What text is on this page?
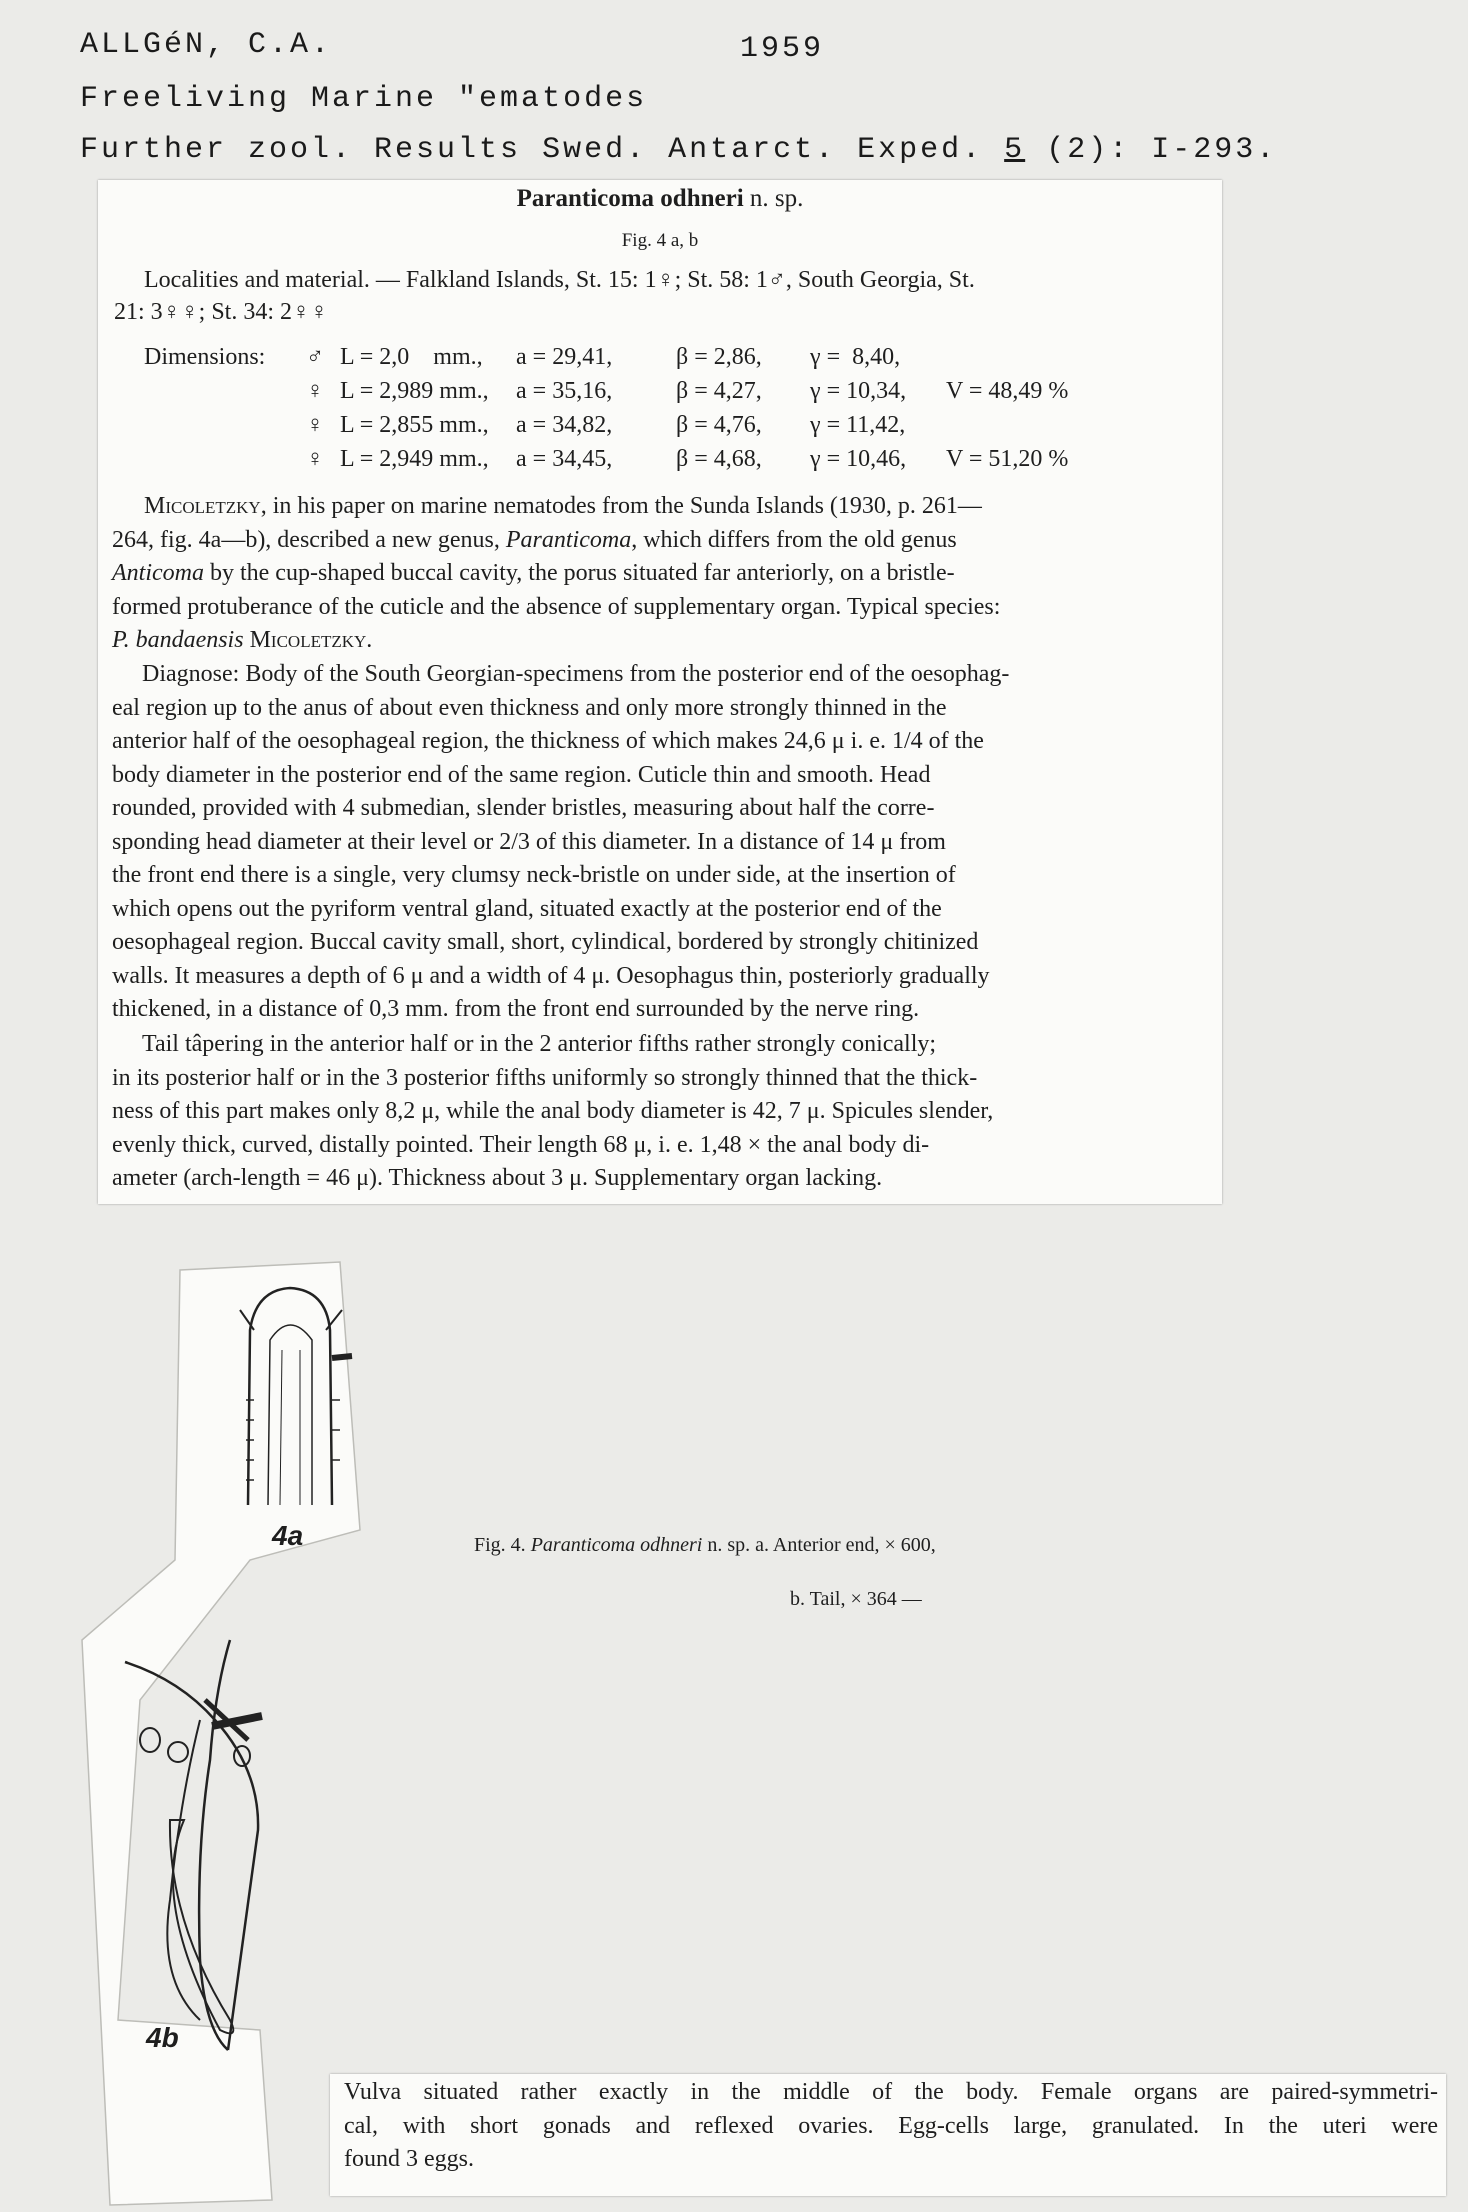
ALLGéN, C.A.	1959
Freeliving Marine "ematodes
Further zool. Results Swed. Antarct. Exped. 5 (2): I-293.
Paranticoma odhneri n. sp.
Fig. 4 a, b
Localities and material. — Falkland Islands, St. 15: 1♀; St. 58: 1♂, South Georgia, St.
21: 3♀♀; St. 34: 2♀♀
Dimensions: ♂	L = 2,0    mm.,	a = 29,41,	β = 2,86,	γ =  8,40,	
♀	L = 2,989 mm.,	a = 35,16,	β = 4,27,	γ = 10,34,	V = 48,49 %
♀	L = 2,855 mm.,	a = 34,82,	β = 4,76,	γ = 11,42,	
♀	L = 2,949 mm.,	a = 34,45,	β = 4,68,	γ = 10,46,	V = 51,20 %
Micoletzky, in his paper on marine nematodes from the Sunda Islands (1930, p. 261—
264, fig. 4a—b), described a new genus, Paranticoma, which differs from the old genus
Anticoma by the cup-shaped buccal cavity, the porus situated far anteriorly, on a bristle-
formed protuberance of the cuticle and the absence of supplementary organ. Typical species:
P. bandaensis Micoletzky.
Diagnose: Body of the South Georgian-specimens from the posterior end of the oesophag-
eal region up to the anus of about even thickness and only more strongly thinned in the
anterior half of the oesophageal region, the thickness of which makes 24,6 μ i. e. 1/4 of the
body diameter in the posterior end of the same region. Cuticle thin and smooth. Head
rounded, provided with 4 submedian, slender bristles, measuring about half the corre-
sponding head diameter at their level or 2/3 of this diameter. In a distance of 14 μ from
the front end there is a single, very clumsy neck-bristle on under side, at the insertion of
which opens out the pyriform ventral gland, situated exactly at the posterior end of the
oesophageal region. Buccal cavity small, short, cylindical, bordered by strongly chitinized
walls. It measures a depth of 6 μ and a width of 4 μ. Oesophagus thin, posteriorly gradually
thickened, in a distance of 0,3 mm. from the front end surrounded by the nerve ring.
Tail tâpering in the anterior half or in the 2 anterior fifths rather strongly conically;
in its posterior half or in the 3 posterior fifths uniformly so strongly thinned that the thick-
ness of this part makes only 8,2 μ, while the anal body diameter is 42, 7 μ. Spicules slender,
evenly thick, curved, distally pointed. Their length 68 μ, i. e. 1,48 × the anal body di-
ameter (arch-length = 46 μ). Thickness about 3 μ. Supplementary organ lacking.
4a
4b
Fig. 4. Paranticoma odhneri n. sp. a. Anterior end, × 600,
b. Tail, × 364 —
Vulva situated rather exactly in the middle of the body. Female organs are paired-symmetri-
cal, with short gonads and reflexed ovaries. Egg-cells large, granulated. In the uteri were
found 3 eggs.
